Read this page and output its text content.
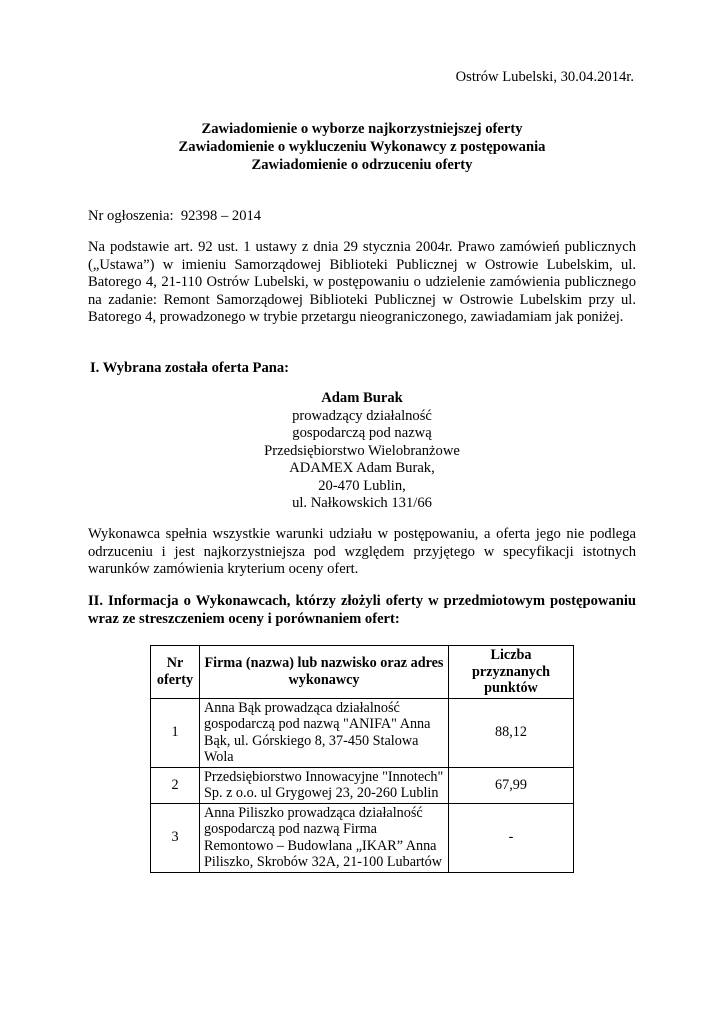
Ostrów Lubelski, 30.04.2014r.
Zawiadomienie o wyborze najkorzystniejszej oferty
Zawiadomienie o wykluczeniu Wykonawcy z postępowania
Zawiadomienie o odrzuceniu oferty
Nr ogłoszenia: 92398 – 2014
Na podstawie art. 92 ust. 1 ustawy z dnia 29 stycznia 2004r. Prawo zamówień publicznych („Ustawa”) w imieniu Samorządowej Biblioteki Publicznej w Ostrowie Lubelskim, ul. Batorego 4, 21-110 Ostrów Lubelski, w postępowaniu o udzielenie zamówienia publicznego na zadanie: Remont Samorządowej Biblioteki Publicznej w Ostrowie Lubelskim przy ul. Batorego 4, prowadzonego w trybie przetargu nieograniczonego, zawiadamiam jak poniżej.
I. Wybrana została oferta Pana:
Adam Burak
prowadzący działalność
gospodarczą pod nazwą
Przedsiębiorstwo Wielobranżowe
ADAMEX Adam Burak,
20-470 Lublin,
ul. Nałkowskich 131/66
Wykonawca spełnia wszystkie warunki udziału w postępowaniu, a oferta jego nie podlega odrzuceniu i jest najkorzystniejsza pod względem przyjętego w specyfikacji istotnych warunków zamówienia kryterium oceny ofert.
II. Informacja o Wykonawcach, którzy złożyli oferty w przedmiotowym postępowaniu wraz ze streszczeniem oceny i porównaniem ofert:
Nr oferty	Firma (nazwa) lub nazwisko oraz adres wykonawcy	Liczba przyznanych punktów
1	Anna Bąk prowadząca działalność gospodarczą pod nazwą "ANIFA" Anna Bąk, ul. Górskiego 8, 37-450 Stalowa Wola	88,12
2	Przedsiębiorstwo Innowacyjne "Innotech" Sp. z o.o. ul Grygowej 23, 20-260 Lublin	67,99
3	Anna Piliszko prowadząca działalność gospodarczą pod nazwą Firma Remontowo – Budowlana „IKAR” Anna Piliszko, Skrobów 32A, 21-100 Lubartów	-
